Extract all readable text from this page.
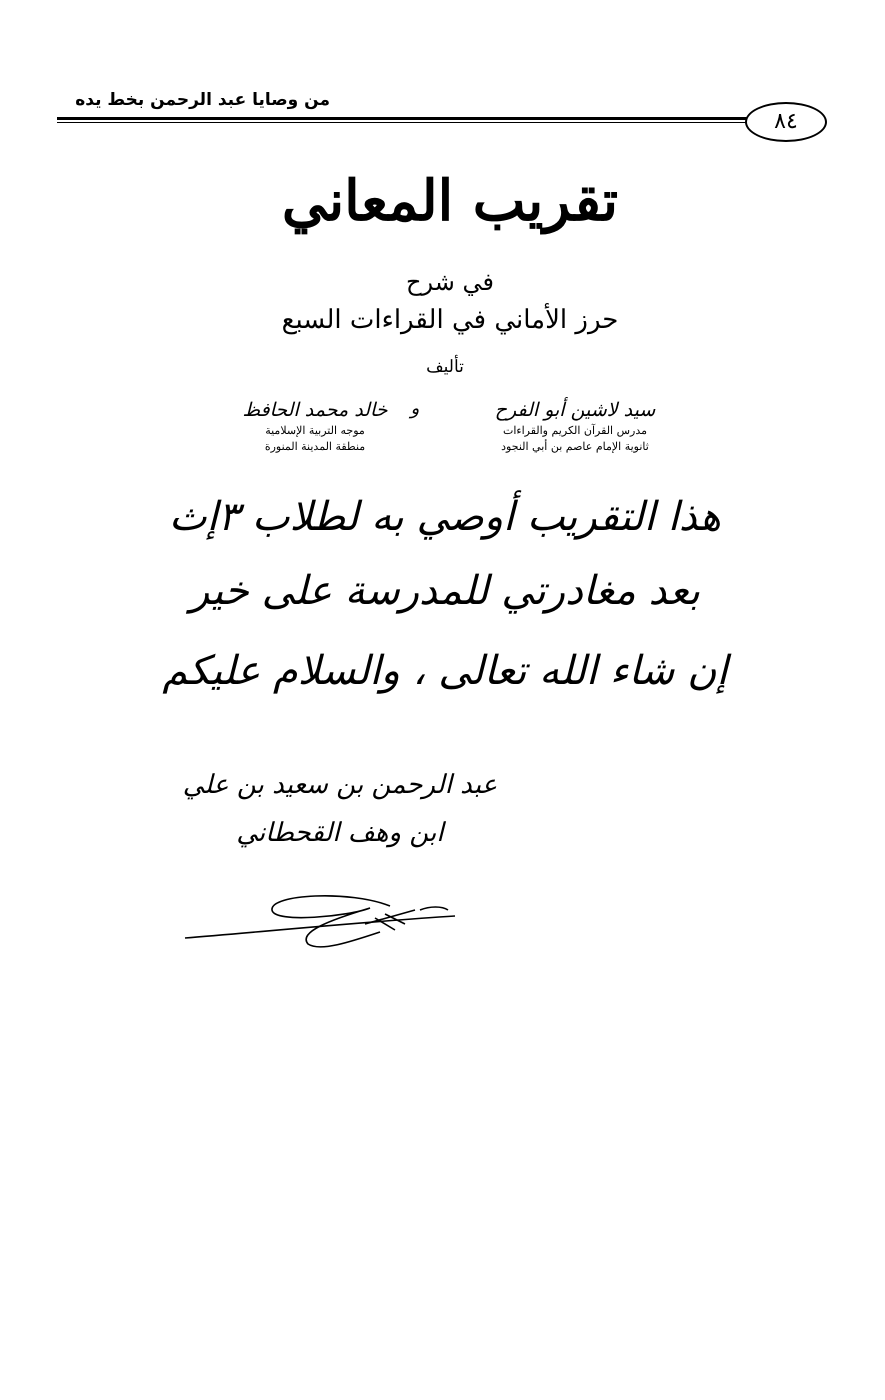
من وصايا عبد الرحمن بخط يده
٨٤
تقريب المعاني
في شرح
حرز الأماني في القراءات السبع
تأليف
سيد لاشين أبو الفرح
مدرس القرآن الكريم والقراءات
ثانوية الإمام عاصم بن أبي النجود
و
خالد محمد الحافظ
موجه التربية الإسلامية
منطقة المدينة المنورة
هذا التقريب أوصي به لطلاب ٣إث
بعد مغادرتي للمدرسة على خير
إن شاء الله تعالى ، والسلام عليكم
عبد الرحمن بن سعيد بن علي
ابن وهف القحطاني
